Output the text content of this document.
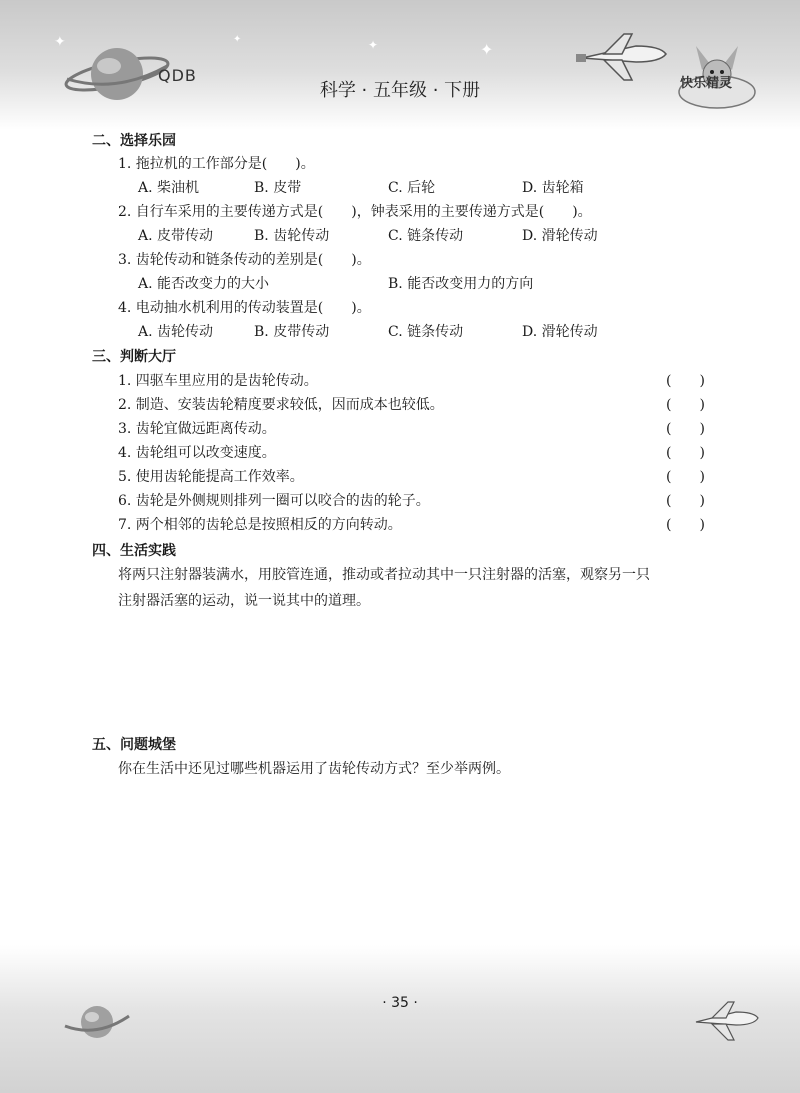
✦	✦	✦
✦
QDB
科学 · 五年级 · 下册	快乐精灵
二、选择乐园
1. 拖拉机的工作部分是(　　)。
A. 柴油机	B. 皮带	C. 后轮	D. 齿轮箱
2. 自行车采用的主要传递方式是(　　)，钟表采用的主要传递方式是(　　)。
A. 皮带传动	B. 齿轮传动	C. 链条传动	D. 滑轮传动
3. 齿轮传动和链条传动的差别是(　　)。
A. 能否改变力的大小	B. 能否改变用力的方向
4. 电动抽水机利用的传动装置是(　　)。
A. 齿轮传动	B. 皮带传动	C. 链条传动	D. 滑轮传动
三、判断大厅
1. 四驱车里应用的是齿轮传动。	(　　)
2. 制造、安装齿轮精度要求较低，因而成本也较低。	(　　)
3. 齿轮宜做远距离传动。	(　　)
4. 齿轮组可以改变速度。	(　　)
5. 使用齿轮能提高工作效率。	(　　)
6. 齿轮是外侧规则排列一圈可以咬合的齿的轮子。	(　　)
7. 两个相邻的齿轮总是按照相反的方向转动。	(　　)
四、生活实践
将两只注射器装满水，用胶管连通，推动或者拉动其中一只注射器的活塞，观察另一只
注射器活塞的运动，说一说其中的道理。
五、问题城堡
你在生活中还见过哪些机器运用了齿轮传动方式？至少举两例。
· 35 ·
